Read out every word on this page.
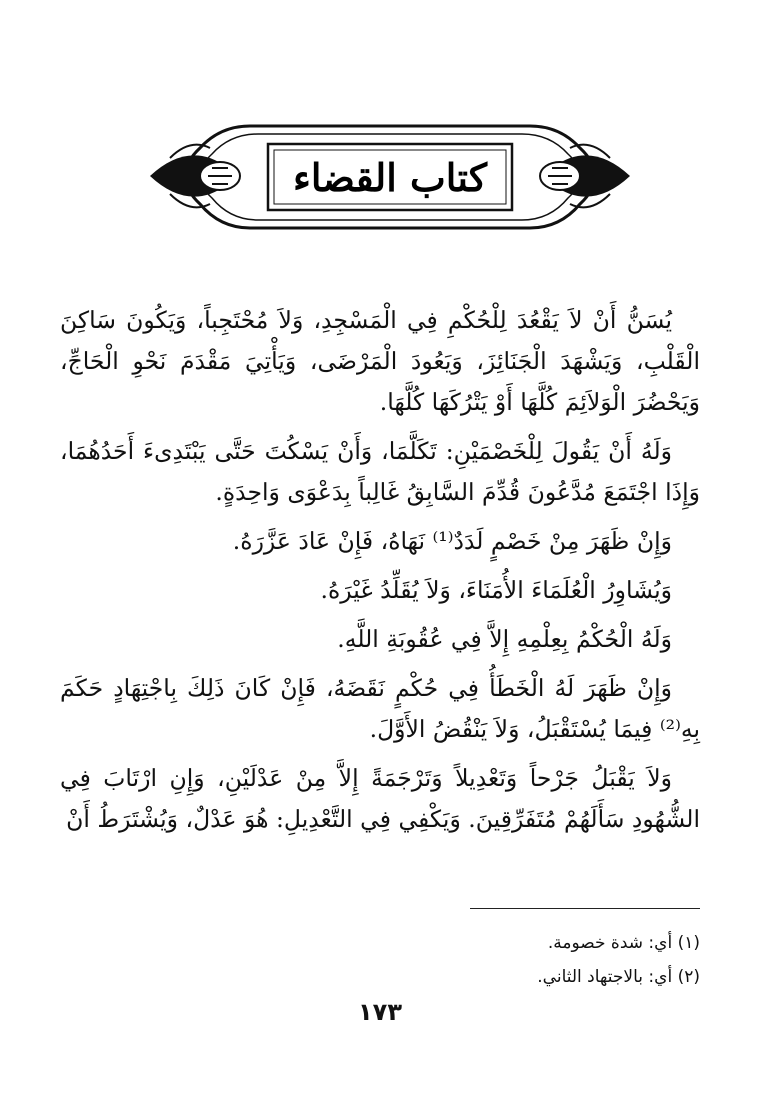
كتاب القضاء

يُسَنُّ أَنْ لاَ يَقْعُدَ لِلْحُكْمِ فِي الْمَسْجِدِ، وَلاَ مُحْتَجِباً، وَيَكُونَ سَاكِنَ الْقَلْبِ، وَيَشْهَدَ الْجَنَائِزَ، وَيَعُودَ الْمَرْضَى، وَيَأْتِيَ مَقْدَمَ نَحْوِ الْحَاجِّ، وَيَحْضُرَ الْوَلاَئِمَ كُلَّهَا أَوْ يَتْرُكَهَا كُلَّهَا.

وَلَهُ أَنْ يَقُولَ لِلْخَصْمَيْنِ: تَكَلَّمَا، وَأَنْ يَسْكُتَ حَتَّى يَبْتَدِىءَ أَحَدُهُمَا، وَإِذَا اجْتَمَعَ مُدَّعُونَ قُدِّمَ السَّابِقُ غَالِباً بِدَعْوَى وَاحِدَةٍ.

وَإِنْ ظَهَرَ مِنْ خَصْمٍ لَدَدٌ⁽¹⁾ نَهَاهُ، فَإِنْ عَادَ عَزَّرَهُ.

وَيُشَاوِرُ الْعُلَمَاءَ الأُمَنَاءَ، وَلاَ يُقَلِّدُ غَيْرَهُ.

وَلَهُ الْحُكْمُ بِعِلْمِهِ إِلاَّ فِي عُقُوبَةِ اللَّهِ.

وَإِنْ ظَهَرَ لَهُ الْخَطَأُ فِي حُكْمٍ نَقَضَهُ، فَإِنْ كَانَ ذَلِكَ بِاجْتِهَادٍ حَكَمَ بِهِ⁽²⁾ فِيمَا يُسْتَقْبَلُ، وَلاَ يَنْقُضُ الأَوَّلَ.

وَلاَ يَقْبَلُ جَرْحاً وَتَعْدِيلاً وَتَرْجَمَةً إِلاَّ مِنْ عَدْلَيْنِ، وَإِنِ ارْتَابَ فِي الشُّهُودِ سَأَلَهُمْ مُتَفَرِّقِينَ. وَيَكْفِي فِي التَّعْدِيلِ: هُوَ عَدْلٌ، وَيُشْتَرَطُ أَنْ

(١) أي: شدة خصومة.
(٢) أي: بالاجتهاد الثاني.
١٧٣
